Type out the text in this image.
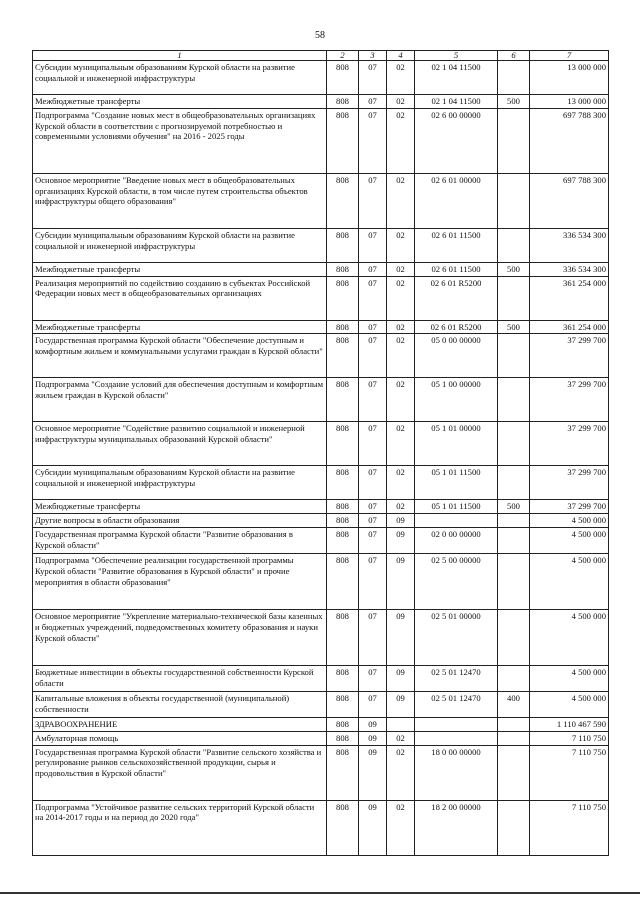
58
1	2	3	4	5	6	7
Субсидии муниципальным образованиям Курской области на развитие социальной и инженерной инфраструктуры	808	07	02	02 1 04 11500		13 000 000
Межбюджетные трансферты	808	07	02	02 1 04 11500	500	13 000 000
Подпрограмма "Создание новых мест в общеобразовательных организациях Курской области в соответствии с прогнозируемой потребностью и современными условиями обучения" на 2016 - 2025 годы	808	07	02	02 6 00 00000		697 788 300
Основное мероприятие "Введение новых мест в общеобразовательных организациях Курской области, в том числе путем строительства объектов инфраструктуры общего образования"	808	07	02	02 6 01 00000		697 788 300
Субсидии муниципальным образованиям Курской области на развитие социальной и инженерной инфраструктуры	808	07	02	02 6 01 11500		336 534 300
Межбюджетные трансферты	808	07	02	02 6 01 11500	500	336 534 300
Реализация мероприятий по содействию созданию в субъектах Российской Федерации новых мест в общеобразовательных организациях	808	07	02	02 6 01 R5200		361 254 000
Межбюджетные трансферты	808	07	02	02 6 01 R5200	500	361 254 000
Государственная программа Курской области "Обеспечение доступным и комфортным жильем и коммунальными услугами граждан в Курской области"	808	07	02	05 0 00 00000		37 299 700
Подпрограмма "Создание условий для обеспечения доступным и комфортным жильем граждан в Курской области"	808	07	02	05 1 00 00000		37 299 700
Основное мероприятие "Содействие развитию социальной и инженерной инфраструктуры муниципальных образований Курской области"	808	07	02	05 1 01 00000		37 299 700
Субсидии муниципальным образованиям Курской области на развитие социальной и инженерной инфраструктуры	808	07	02	05 1 01 11500		37 299 700
Межбюджетные трансферты	808	07	02	05 1 01 11500	500	37 299 700
Другие вопросы в области образования	808	07	09			4 500 000
Государственная программа Курской области "Развитие образования в Курской области"	808	07	09	02 0 00 00000		4 500 000
Подпрограмма "Обеспечение реализации государственной программы Курской области "Развитие образования в Курской области" и прочие мероприятия в области образования"	808	07	09	02 5 00 00000		4 500 000
Основное мероприятие "Укрепление материально-технической базы казенных и бюджетных учреждений, подведомственных комитету образования и науки Курской области"	808	07	09	02 5 01 00000		4 500 000
Бюджетные инвестиции в объекты государственной собственности Курской области	808	07	09	02 5 01 12470		4 500 000
Капитальные вложения в объекты государственной (муниципальной) собственности	808	07	09	02 5 01 12470	400	4 500 000
ЗДРАВООХРАНЕНИЕ	808	09				1 110 467 590
Амбулаторная помощь	808	09	02			7 110 750
Государственная программа Курской области "Развитие сельского хозяйства и регулирование рынков сельскохозяйственной продукции, сырья и продовольствия в Курской области"	808	09	02	18 0 00 00000		7 110 750
Подпрограмма "Устойчивое развитие сельских территорий Курской области на 2014-2017 годы и на период до 2020 года"	808	09	02	18 2 00 00000		7 110 750
